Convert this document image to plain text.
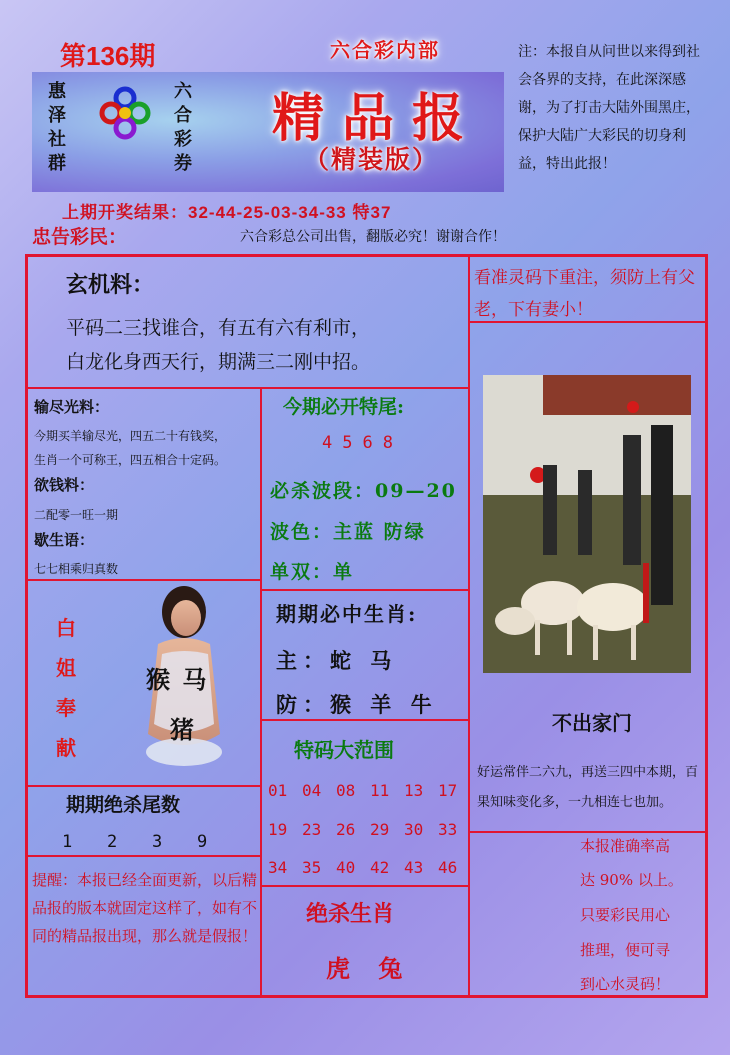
第136期	六合彩内部
惠
泽
社
群
六
合
彩
券
精品报
（精装版）
注：本报自从问世以来得到社会各界的支持，在此深深感谢，为了打击大陆外围黑庄，保护大陆广大彩民的切身利益，特出此报！
上期开奖结果：32-44-25-03-34-33 特37
忠告彩民：	六合彩总公司出售，翻版必究！谢谢合作！
玄机料：
平码二三找谁合，有五有六有利市，
白龙化身西天行，期满三二刚中招。
输尽光料：
今期买羊输尽光，四五二十有钱奖，
生肖一个可称王，四五相合十定码。
欲钱料：
二配零一旺一期
歇生语：
七七相乘归真数
白
姐
奉
献
猴 马
猪
期期绝杀尾数
1 2 3 9
提醒：本报已经全面更新，以后精品报的版本就固定这样了，如有不同的精品报出现，那么就是假报！
今期必开特尾:
4568
必杀波段：09—20
波色：主蓝 防绿
单双：单
期期必中生肖:
主：蛇 马
防：猴 羊 牛
特码大范围
01 04 08 11 13 17
19 23 26 29 30 33
34 35 40 42 43 46
绝杀生肖
虎 兔
看准灵码下重注，须防上有父老，下有妻小！
不出家门
好运常伴二六九，再送三四中本期，百果知味变化多，一九相连七也加。
本报准确率高
达 90% 以上。
只要彩民用心
推理，便可寻
到心水灵码！
